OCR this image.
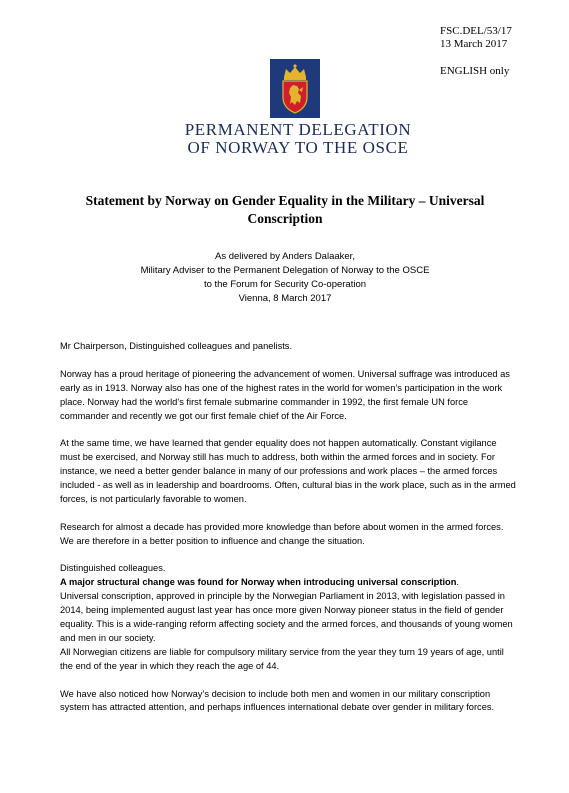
FSC.DEL/53/17
13 March 2017
ENGLISH only
PERMANENT DELEGATION
OF NORWAY TO THE OSCE
Statement by Norway on Gender Equality in the Military – Universal
Conscription
As delivered by Anders Dalaaker,
Military Adviser to the Permanent Delegation of Norway to the OSCE
to the Forum for Security Co-operation
Vienna, 8 March 2017

Mr Chairperson, Distinguished colleagues and panelists.

Norway has a proud heritage of pioneering the advancement of women. Universal suffrage was introduced as early as in 1913. Norway also has one of the highest rates in the world for women’s participation in the work place. Norway had the world’s first female submarine commander in 1992, the first female UN force commander and recently we got our first female chief of the Air Force.

At the same time, we have learned that gender equality does not happen automatically. Constant vigilance must be exercised, and Norway still has much to address, both within the armed forces and in society. For instance, we need a better gender balance in many of our professions and work places – the armed forces included - as well as in leadership and boardrooms. Often, cultural bias in the work place, such as in the armed forces, is not particularly favorable to women.

Research for almost a decade has provided more knowledge than before about women in the armed forces. We are therefore in a better position to influence and change the situation.

Distinguished colleagues.

A major structural change was found for Norway when introducing universal conscription.

Universal conscription, approved in principle by the Norwegian Parliament in 2013, with legislation passed in 2014, being implemented august last year has once more given Norway pioneer status in the field of gender equality. This is a wide-ranging reform affecting society and the armed forces, and thousands of young women and men in our society.

All Norwegian citizens are liable for compulsory military service from the year they turn 19 years of age, until the end of the year in which they reach the age of 44.

We have also noticed how Norway’s decision to include both men and women in our military conscription system has attracted attention, and perhaps influences international debate over gender in military forces.
